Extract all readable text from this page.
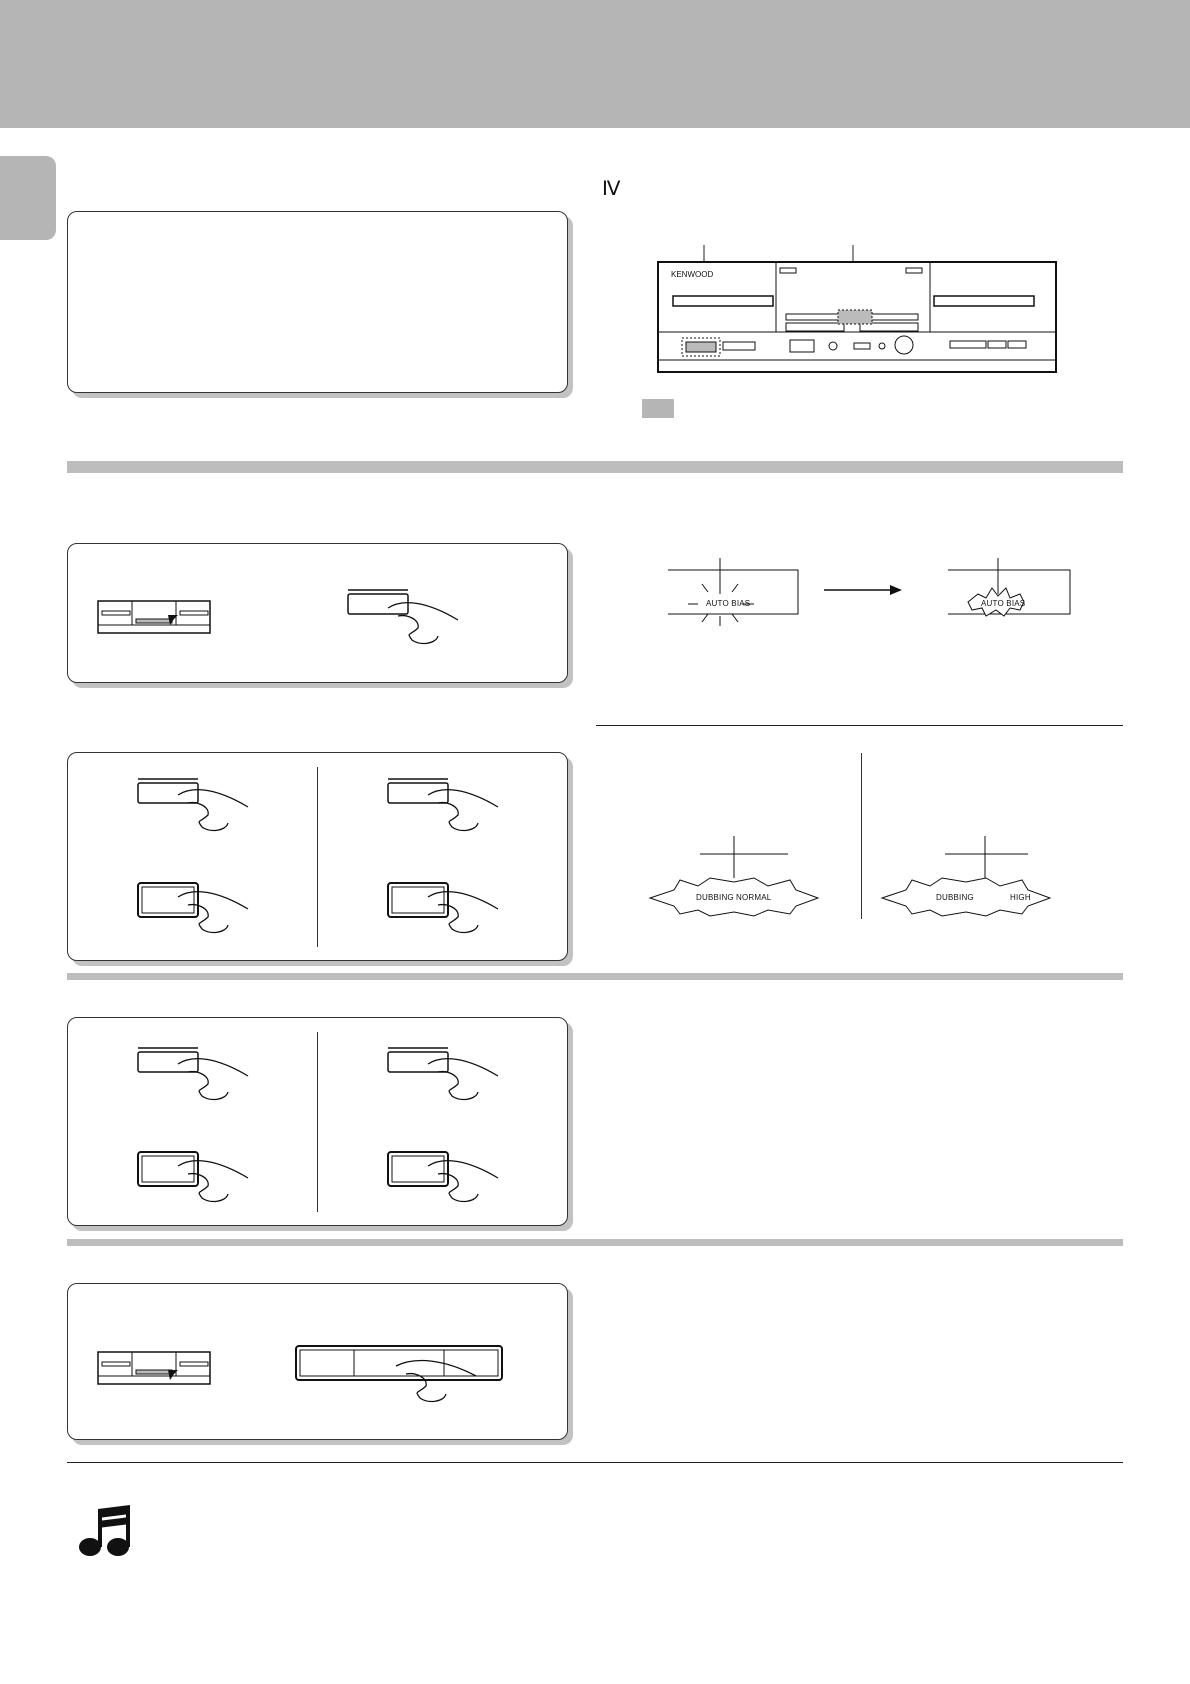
Ⅳ
KENWOOD
AUTO BIAS	AUTO BIAS
DUBBING NORMAL	DUBBING	HIGH
